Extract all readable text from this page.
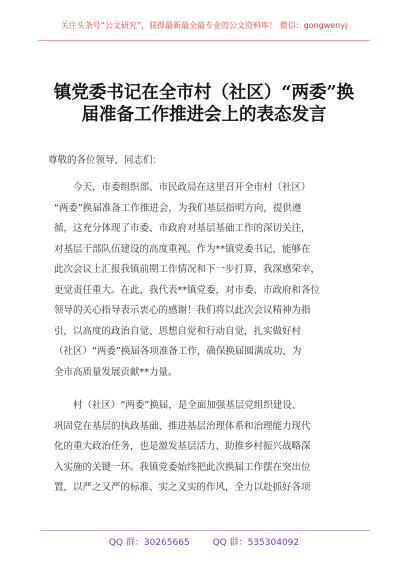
关注头条号“公文研究”，获得最新最全最专业的公文资料库！ 微信：gongwenyj
镇党委书记在全市村（社区）“两委”换
届准备工作推进会上的表态发言
尊敬的各位领导，同志们：
今天，市委组织部、市民政局在这里召开全市村（社区）
“两委”换届准备工作推进会，为我们基层指明方向，提供遵
循，这充分体现了市委、市政府对基层基础工作的深切关注，
对基层干部队伍建设的高度重视。作为**镇党委书记，能够在
此次会议上汇报我镇前期工作情况和下一步打算，我深感荣幸，
更觉责任重大。在此，我代表**镇党委，对市委、市政府和各位
领导的关心指导表示衷心的感谢！我们将以此次会议精神为指
引，以高度的政治自觉、思想自觉和行动自觉，扎实做好村
（社区）“两委”换届各项准备工作，确保换届圆满成功，为
全市高质量发展贡献**力量。
村（社区）“两委”换届，是全面加强基层党组织建设、
巩固党在基层的执政基础、推进基层治理体系和治理能力现代
化的重大政治任务，也是激发基层活力、助推乡村振兴战略深
入实施的关键一环。我镇党委始终把此次换届工作摆在突出位
置，以严之又严的标准、实之又实的作风，全力以赴抓好各项
QQ 群：30265665	QQ 群：535304092
